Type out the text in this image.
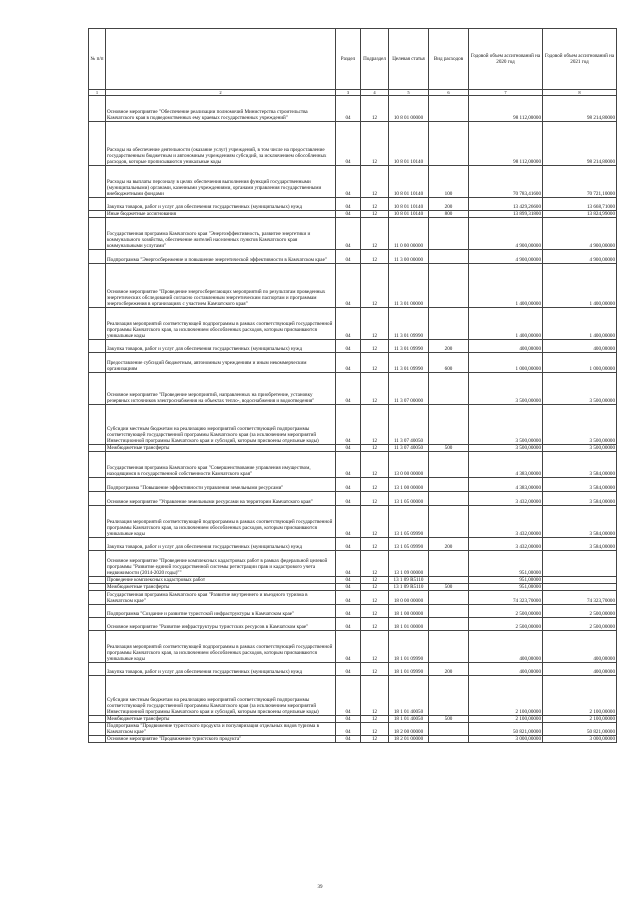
№ п/п		Раздел	Подраздел	Целевая статья	Вид расходов	Годовой объем ассигнований на 2020 год	Годовой объем ассигнований на 2021 год
1	2	3	4	5	6	7	8
	Основное мероприятие "Обеспечение реализации полномочий Министерства строительства Камчатского края в подведомственных ему краевых государственных учреждений"	04	12	10 8 01 00000		98 112,00000	98 214,80000
	Расходы на обеспечение деятельности (оказание услуг) учреждений, в том числе на предоставление государственным бюджетным и автономным учреждениям субсидий, за исключением обособленных расходов, которые прописываются уникальные коды	04	12	10 8 01 10140		98 112,00000	98 214,80000
	Расходы на выплаты персоналу в целях обеспечения выполнения функций государственными (муниципальными) органами, казенными учреждениями, органами управления государственными внебюджетными фондами	04	12	10 8 01 10140	100	70 783,41600	70 721,10000
	Закупка товаров, работ и услуг для обеспечения государственных (муниципальных) нужд	04	12	10 8 01 10140	200	13 429,26600	13 668,71000
	Иные бюджетные ассигнования	04	12	10 8 01 10140	800	13 899,31800	13 824,99000
	Государственная программа Камчатского края "Энергоэффективность, развитие энергетики и коммунального хозяйства, обеспечение жителей населенных пунктов Камчатского края коммунальными услугами"	04	12	11 0 00 00000		4 900,00000	4 900,00000
	Подпрограмма "Энергосбережение и повышение энергетической эффективности в Камчатском крае"	04	12	11 3 00 00000		4 900,00000	4 900,00000
	Основное мероприятие "Проведение энергосберегающих мероприятий по результатам проведенных энергетических обследований согласно составленным энергетическим паспортам и программам энергосбережения в организациях с участием Камчатского края"	04	12	11 3 01 00000		1 400,00000	1 400,00000
	Реализация мероприятий соответствующей подпрограммы в рамках соответствующей государственной программы Камчатского края, за исключением обособленных расходов, которым присваиваются уникальные коды	04	12	11 3 01 09990		1 400,00000	1 400,00000
	Закупка товаров, работ и услуг для обеспечения государственных (муниципальных) нужд	04	12	11 3 01 09990	200	400,00000	400,00000
	Предоставление субсидий бюджетным, автономным учреждениям и иным некоммерческим организациям	04	12	11 3 01 09990	600	1 000,00000	1 000,00000
	Основное мероприятие "Проведение мероприятий, направленных на приобретение, установку резервных источников электроснабжения на объектах тепло-, водоснабжения и водоотведения"	04	12	11 3 07 00000		3 500,00000	3 500,00000
	Субсидии местным бюджетам на реализацию мероприятий соответствующей подпрограммы соответствующей государственной программы Камчатского края (за исключением мероприятий Инвестиционной программы Камчатского края и субсидий, которым присвоены отдельные коды)	04	12	11 3 07 40050		3 500,00000	3 500,00000
	Межбюджетные трансферты	04	12	11 3 07 40050	500	3 500,00000	3 500,00000
	Государственная программа Камчатского края "Совершенствование управления имуществом, находящимся в государственной собственности Камчатского края"	04	12	13 0 00 00000		4 383,00000	3 584,00000
	Подпрограмма "Повышение эффективности управления земельными ресурсами"	04	12	13 1 00 00000		4 383,00000	3 584,00000
	Основное мероприятие "Управление земельными ресурсами на территории Камчатского края"	04	12	13 1 05 00000		3 432,00000	3 584,00000
	Реализация мероприятий соответствующей подпрограммы в рамках соответствующей государственной программы Камчатского края, за исключением обособленных расходов, которым присваиваются уникальные коды	04	12	13 1 05 09990		3 432,00000	3 584,00000
	Закупка товаров, работ и услуг для обеспечения государственных (муниципальных) нужд	04	12	13 1 05 09990	200	3 432,00000	3 584,00000
	Основное мероприятие "Проведение комплексных кадастровых работ в рамках федеральной целевой программы "Развитие единой государственной системы регистрации прав и кадастрового учета недвижимости (2014-2020 годы)""	04	12	13 1 09 00000		951,00000	
	Проведение комплексных кадастровых работ	04	12	13 1 09 R5110		951,00000	
	Межбюджетные трансферты	04	12	13 1 09 R5110	500	951,00000	
	Государственная программа Камчатского края "Развитие внутреннего и въездного туризма в Камчатском крае"	04	12	18 0 00 00000		74 323,70000	74 323,70000
	Подпрограмма "Создание и развитие туристской инфраструктуры в Камчатском крае"	04	12	18 1 00 00000		2 500,00000	2 500,00000
	Основное мероприятие "Развитие инфраструктуры туристских ресурсов в Камчатском крае"	04	12	18 1 01 00000		2 500,00000	2 500,00000
	Реализация мероприятий соответствующей подпрограммы в рамках соответствующей государственной программы Камчатского края, за исключением обособленных расходов, которым присваиваются уникальные коды	04	12	18 1 01 09990		400,00000	400,00000
	Закупка товаров, работ и услуг для обеспечения государственных (муниципальных) нужд	04	12	18 1 01 09990	200	400,00000	400,00000
	Субсидии местным бюджетам на реализацию мероприятий соответствующей подпрограммы соответствующей государственной программы Камчатского края (за исключением мероприятий Инвестиционной программы Камчатского края и субсидий, которым присвоены отдельные коды)	04	12	18 1 01 40050		2 100,00000	2 100,00000
	Межбюджетные трансферты	04	12	18 1 01 40050	500	2 100,00000	2 100,00000
	Подпрограмма "Продвижение туристского продукта и популяризация отдельных видов туризма в Камчатском крае"	04	12	18 2 00 00000		50 821,00000	50 821,00000
	Основное мероприятие "Продвижение туристского продукта"	04	12	18 2 01 00000		3 000,00000	3 000,00000
39
